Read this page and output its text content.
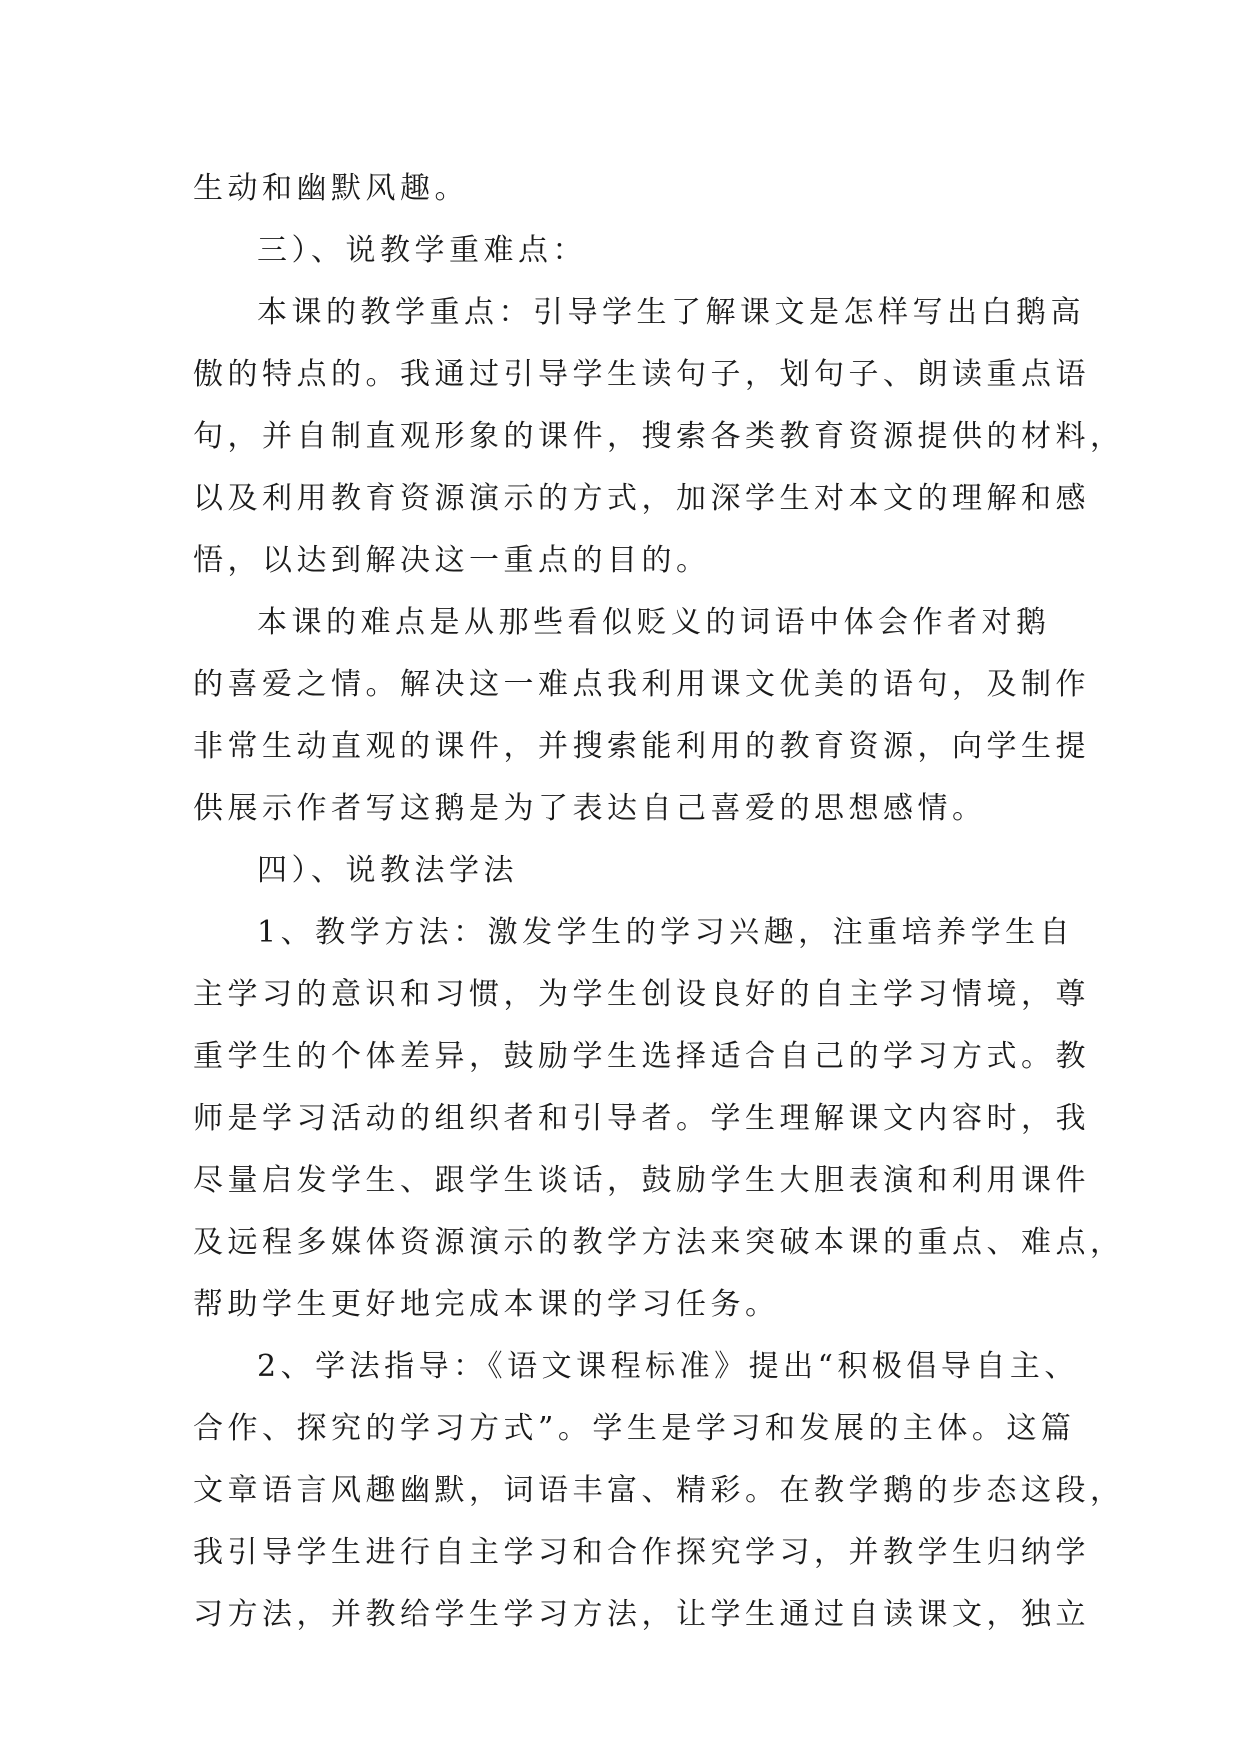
生动和幽默风趣。
三）、说教学重难点：
本课的教学重点：引导学生了解课文是怎样写出白鹅高
傲的特点的。我通过引导学生读句子，划句子、朗读重点语
句，并自制直观形象的课件，搜索各类教育资源提供的材料，
以及利用教育资源演示的方式，加深学生对本文的理解和感
悟，以达到解决这一重点的目的。
本课的难点是从那些看似贬义的词语中体会作者对鹅
的喜爱之情。解决这一难点我利用课文优美的语句，及制作
非常生动直观的课件，并搜索能利用的教育资源，向学生提
供展示作者写这鹅是为了表达自己喜爱的思想感情。
四）、说教法学法
1、教学方法：激发学生的学习兴趣，注重培养学生自
主学习的意识和习惯，为学生创设良好的自主学习情境，尊
重学生的个体差异，鼓励学生选择适合自己的学习方式。教
师是学习活动的组织者和引导者。学生理解课文内容时，我
尽量启发学生、跟学生谈话，鼓励学生大胆表演和利用课件
及远程多媒体资源演示的教学方法来突破本课的重点、难点，
帮助学生更好地完成本课的学习任务。
2、学法指导：《语文课程标准》提出“积极倡导自主、
合作、探究的学习方式”。学生是学习和发展的主体。这篇
文章语言风趣幽默，词语丰富、精彩。在教学鹅的步态这段，
我引导学生进行自主学习和合作探究学习，并教学生归纳学
习方法，并教给学生学习方法，让学生通过自读课文，独立
